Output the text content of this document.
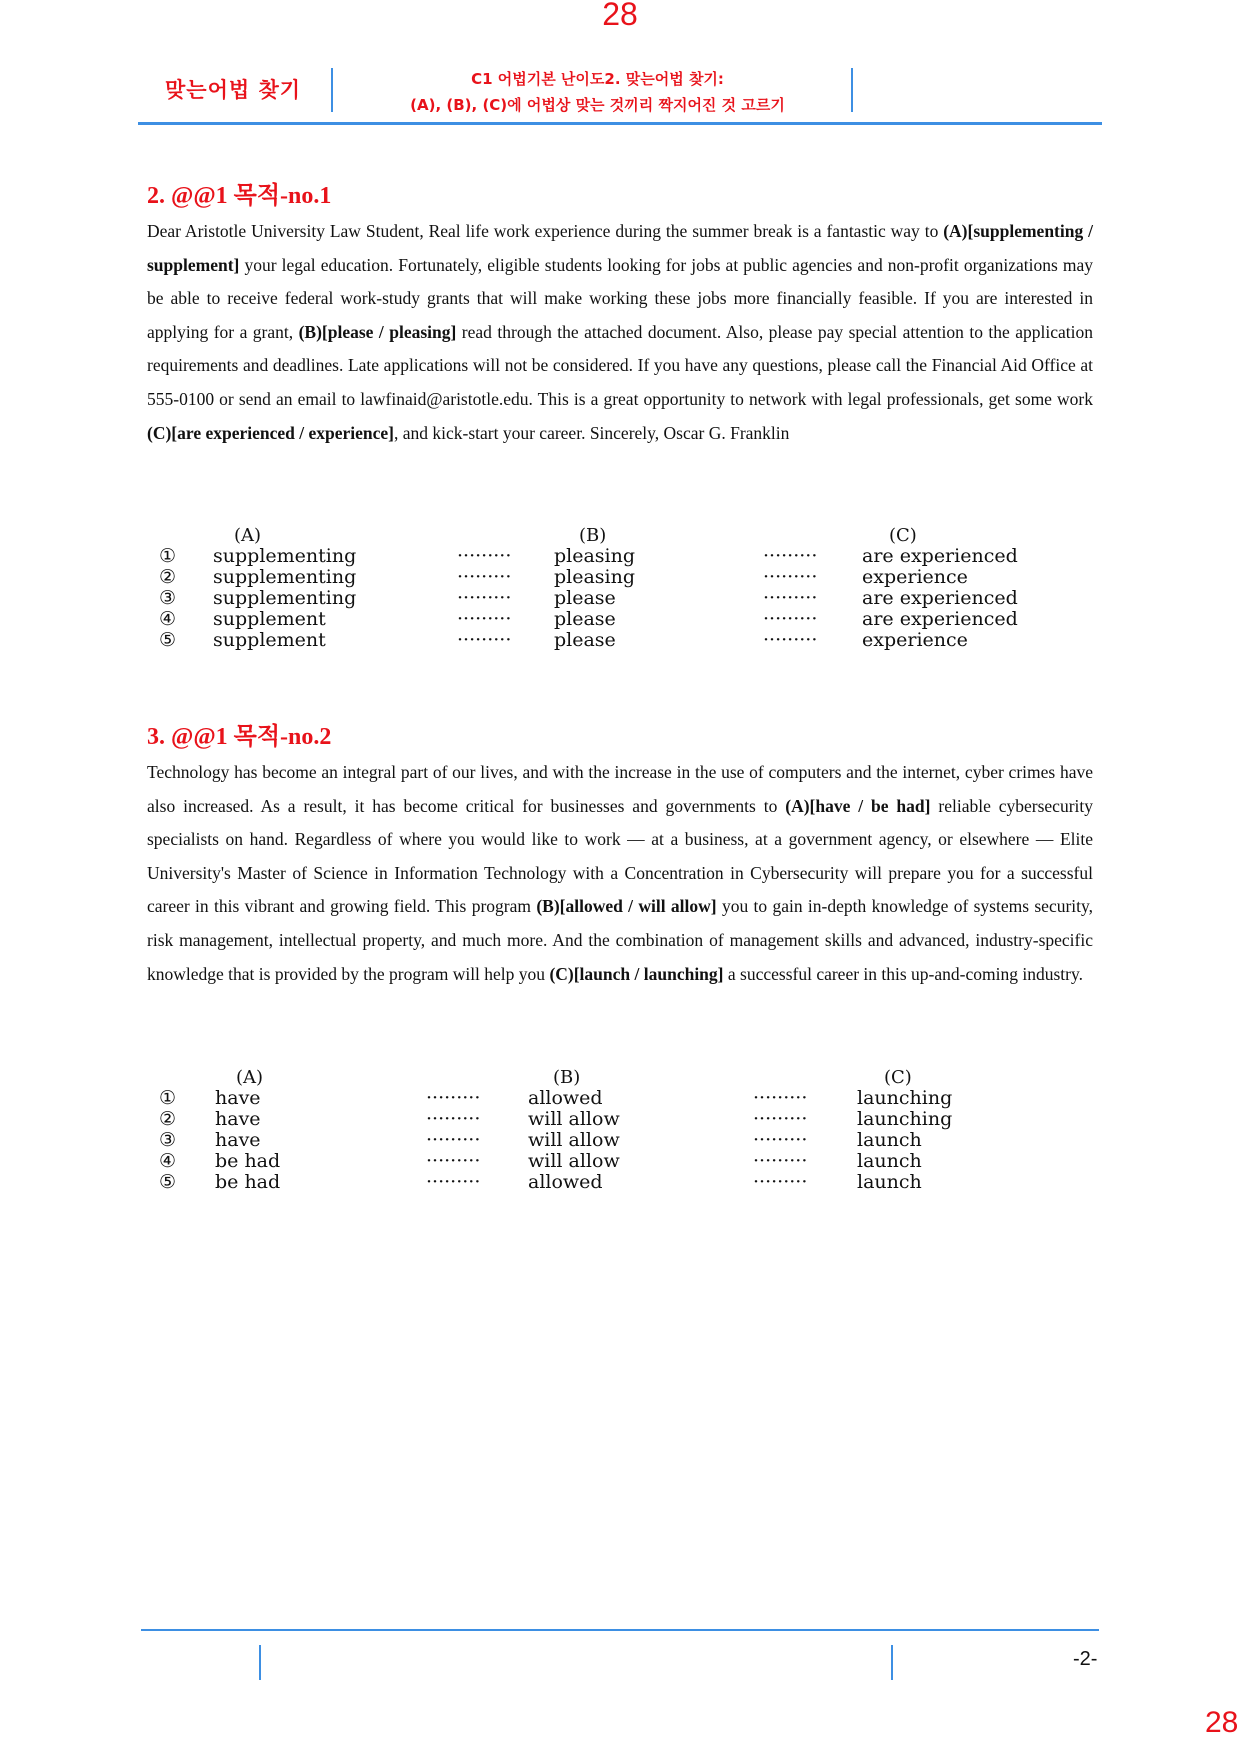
28
맞는어법 찾기	C1 어법기본 난이도2. 맞는어법 찾기:
(A), (B), (C)에 어법상 맞는 것끼리 짝지어진 것 고르기
2. @@1 목적-no.1
Dear Aristotle University Law Student, Real life work experience during the summer break is a fantastic way to (A)[supplementing / supplement] your legal education. Fortunately, eligible students looking for jobs at public agencies and non-profit organizations may be able to receive federal work-study grants that will make working these jobs more financially feasible. If you are interested in applying for a grant, (B)[please / pleasing] read through the attached document. Also, please pay special attention to the application requirements and deadlines. Late applications will not be considered. If you have any questions, please call the Financial Aid Office at 555-0100 or send an email to lawfinaid@aristotle.edu. This is a great opportunity to network with legal professionals, get some work (C)[are experienced / experience], and kick-start your career. Sincerely, Oscar G. Franklin
(A)	(B)	(C)
① supplementing	········· pleasing	········· are experienced
② supplementing	········· pleasing	········· experience
③ supplementing	········· please	········· are experienced
④ supplement	········· please	········· are experienced
⑤ supplement	········· please	········· experience
3. @@1 목적-no.2
Technology has become an integral part of our lives, and with the increase in the use of computers and the internet, cyber crimes have also increased. As a result, it has become critical for businesses and governments to (A)[have / be had] reliable cybersecurity specialists on hand. Regardless of where you would like to work — at a business, at a government agency, or elsewhere — Elite University's Master of Science in Information Technology with a Concentration in Cybersecurity will prepare you for a successful career in this vibrant and growing field. This program (B)[allowed / will allow] you to gain in-depth knowledge of systems security, risk management, intellectual property, and much more. And the combination of management skills and advanced, industry-specific knowledge that is provided by the program will help you (C)[launch / launching] a successful career in this up-and-coming industry.
(A)	(B)	(C)
① have	·········	allowed	·········	launching
② have	·········	will allow	·········	launching
③ have	·········	will allow	·········	launch
④ be had	·········	will allow	·········	launch
⑤ be had	·········	allowed	·········	launch
-2-
28
